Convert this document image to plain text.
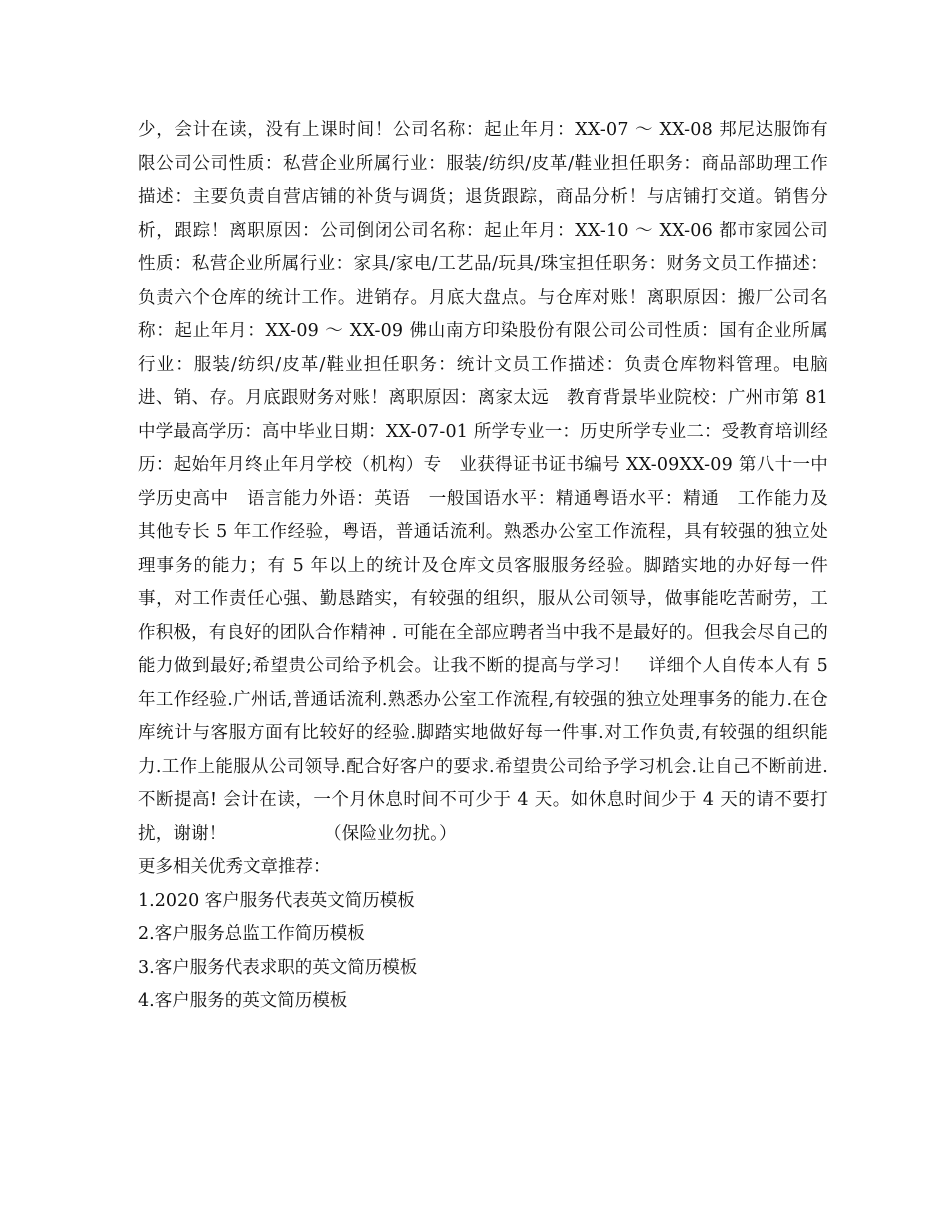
少，会计在读，没有上课时间！公司名称：起止年月：XX-07 ～ XX-08 邦尼达服饰有限公司公司性质：私营企业所属行业：服装/纺织/皮革/鞋业担任职务：商品部助理工作描述：主要负责自营店铺的补货与调货；退货跟踪，商品分析！与店铺打交道。销售分析，跟踪！离职原因：公司倒闭公司名称：起止年月：XX-10 ～ XX-06 都市家园公司性质：私营企业所属行业：家具/家电/工艺品/玩具/珠宝担任职务：财务文员工作描述：负责六个仓库的统计工作。进销存。月底大盘点。与仓库对账！离职原因：搬厂公司名称：起止年月：XX-09 ～ XX-09 佛山南方印染股份有限公司公司性质：国有企业所属行业：服装/纺织/皮革/鞋业担任职务：统计文员工作描述：负责仓库物料管理。电脑进、销、存。月底跟财务对账！离职原因：离家太远　教育背景毕业院校：广州市第 81 中学最高学历：高中毕业日期：XX-07-01 所学专业一：历史所学专业二：受教育培训经历：起始年月终止年月学校（机构）专　业获得证书证书编号 XX-09XX-09 第八十一中学历史高中　语言能力外语：英语　一般国语水平：精通粤语水平：精通　工作能力及其他专长 5 年工作经验，粤语，普通话流利。熟悉办公室工作流程，具有较强的独立处理事务的能力；有 5 年以上的统计及仓库文员客服服务经验。脚踏实地的办好每一件事，对工作责任心强、勤恳踏实，有较强的组织，服从公司领导，做事能吃苦耐劳，工作积极，有良好的团队合作精神 . 可能在全部应聘者当中我不是最好的。但我会尽自己的能力做到最好;希望贵公司给予机会。让我不断的提高与学习！　详细个人自传本人有 5 年工作经验.广州话,普通话流利.熟悉办公室工作流程,有较强的独立处理事务的能力.在仓库统计与客服方面有比较好的经验.脚踏实地做好每一件事.对工作负责,有较强的组织能力.工作上能服从公司领导.配合好客户的要求.希望贵公司给予学习机会.让自己不断前进.不断提高! 会计在读，一个月休息时间不可少于 4 天。如休息时间少于 4 天的请不要打扰，谢谢！　　　　　　（保险业勿扰。）

更多相关优秀文章推荐：

1.2020 客户服务代表英文简历模板
2.客户服务总监工作简历模板
3.客户服务代表求职的英文简历模板
4.客户服务的英文简历模板
